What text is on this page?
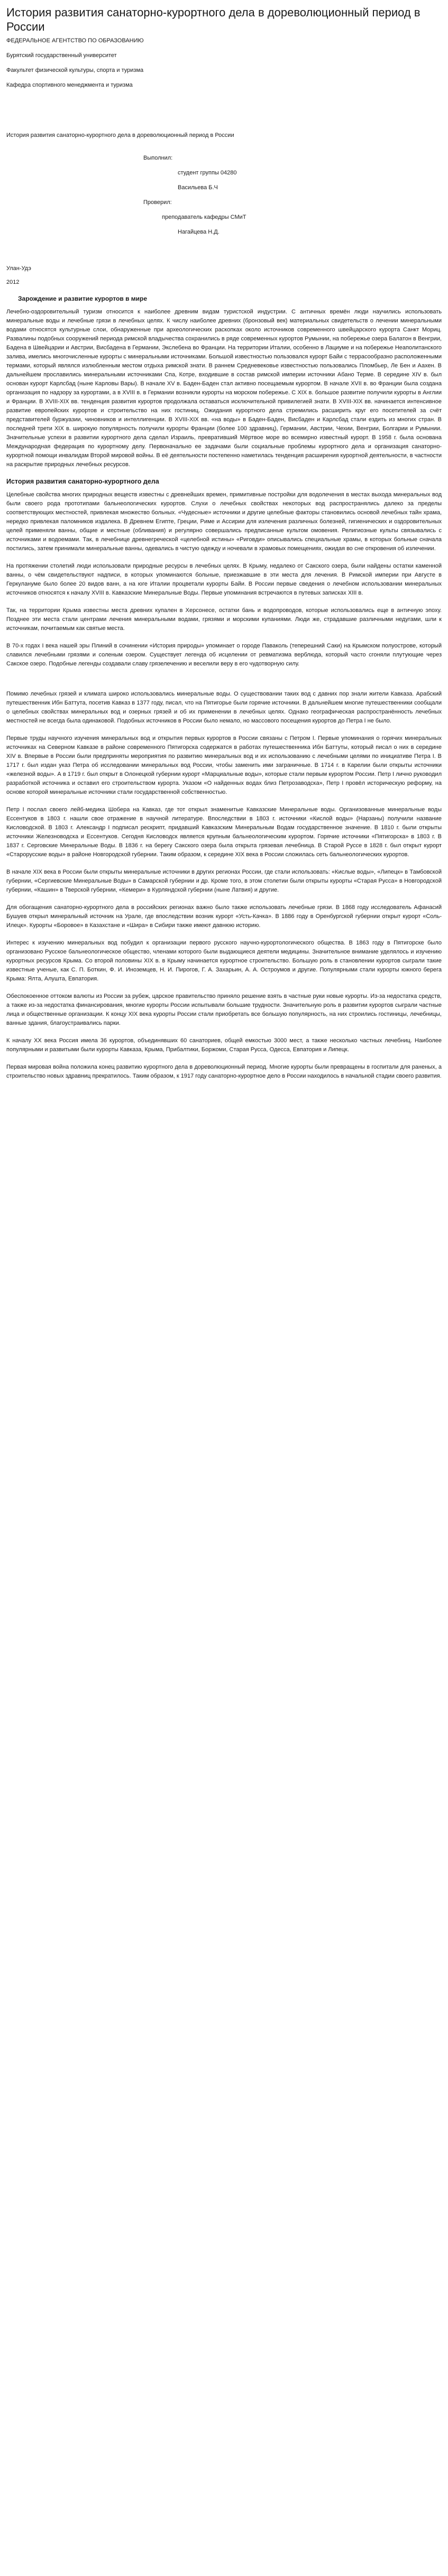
История развития санаторно-курортного дела в дореволюционный период в России
ФЕДЕРАЛЬНОЕ АГЕНТСТВО ПО ОБРАЗОВАНИЮ
Бурятский государственный университет
Факультет физической культуры, спорта и туризма
Кафедра спортивного менеджмента и туризма
История развития санаторно-курортного дела в дореволюционный период в России
Выполнил:
студент группы 04280
Васильева Б.Ч
Проверил:
преподаватель кафедры СМиТ
Нагайцева Н.Д.
Улан-Удэ
2012
Зарождение и развитие курортов в мире

Лечебно-оздоровительный туризм относится к наиболее древним видам туристской индустрии. С античных времён люди научились использовать минеральные воды и лечебные грязи в лечебных целях. К числу наиболее древних (бронзовый век) материальных свидетельств о лечении минеральными водами относятся культурные слои, обнаруженные при археологических раскопках около источников современного швейцарского курорта Санкт Мориц. Развалины подобных сооружений периода римской владычества сохранились в ряде современных курортов Румынии, на побережье озера Балатон в Венгрии, Бадена в Швейцарии и Австрии, Висбадена в Германии, Экслебена во Франции. На территории Италии, особенно в Лациуме и на побережье Неаполитанского залива, имелись многочисленные курорты с минеральными источниками. Большой известностью пользовался курорт Байи с террасообразно расположенными термами, который являлся излюбленным местом отдыха римской знати. В раннем Средневековье известностью пользовались Пломбьер, Ле Бен и Аахен. В дальнейшем прославились минеральными источниками Спа, Котре, входившие в состав римской империи источники Абано Терме. В середине XIV в. был основан курорт Карлсбад (ныне Карловы Вары). В начале XV в. Баден-Баден стал активно посещаемым курортом. В начале XVII в. во Франции была создана организация по надзору за курортами, а в XVIII в. в Германии возникли курорты на морском побережье. С XIX в. большое развитие получили курорты в Англии и Франции. В XVIII-XIX вв. тенденция развития курортов продолжала оставаться исключительной привилегией знати. В XVIII-XIX вв. начинается интенсивное развитие европейских курортов и строительство на них гостиниц. Ожидания курортного дела стремились расширить круг его посетителей за счёт представителей буржуазии, чиновников и интеллигенции. В XVIII-XIX вв. «на воды» в Баден-Баден, Висбаден и Карлсбад стали ездить из многих стран. В последней трети XIX в. широкую популярность получили курорты Франции (более 100 здравниц), Германии, Австрии, Чехии, Венгрии, Болгарии и Румынии. Значительные успехи в развитии курортного дела сделал Израиль, превративший Мёртвое море во всемирно известный курорт. В 1958 г. была основана Международная федерация по курортному делу. Первоначально ее задачами были социальные проблемы курортного дела и организация санаторно-курортной помощи инвалидам Второй мировой войны. В её деятельности постепенно наметилась тенденция расширения курортной деятельности, в частности на раскрытие природных лечебных ресурсов.

История развития санаторно-курортного дела

Целебные свойства многих природных веществ известны с древнейших времен, примитивные постройки для водолечения в местах выхода минеральных вод были своего рода прототипами бальнеологических курортов. Слухи о лечебных свойствах некоторых вод распространялись далеко за пределы соответствующих местностей, привлекая множество больных. «Чудесные» источники и другие целебные факторы становились основой лечебных тайн храма, нередко привлекая паломников издалека. В Древнем Египте, Греции, Риме и Ассирии для излечения различных болезней, гигиенических и оздоровительных целей применяли ванны, общие и местные (обливания) и регулярно совершались предписанные культом омовения. Религиозные культы связывались с источниками и водоемами. Так, в лечебнице древнегреческой «целебной истины» «Риговди» описывались специальные храмы, в которых больные сначала постились, затем принимали минеральные ванны, одевались в чистую одежду и ночевали в храмовых помещениях, ожидая во сне откровения об излечении.

На протяжении столетий люди использовали природные ресурсы в лечебных целях. В Крыму, недалеко от Сакского озера, были найдены остатки каменной ванны, о чём свидетельствуют надписи, в которых упоминаются больные, приезжавшие в эти места для лечения. В Римской империи при Августе в Геркулануме было более 20 видов ванн, а на юге Италии процветали курорты Байи. В России первые сведения о лечебном использовании минеральных источников относятся к началу XVIII в. Кавказские Минеральные Воды. Первые упоминания встречаются в путевых записках XIII в.

Так, на территории Крыма известны места древних купален в Херсонесе, остатки бань и водопроводов, которые использовались еще в античную эпоху. Позднее эти места стали центрами лечения минеральными водами, грязями и морскими купаниями. Люди же, страдавшие различными недугами, шли к источникам, почитаемым как святые места.

В 70-х годах I века нашей эры Плиний в сочинении «История природы» упоминает о городе Паваколь (теперешний Саки) на Крымском полуострове, который славился лечебными грязями и соленым озером. Существует легенда об исцелении от ревматизма верблюда, который часто сгоняли плутующие через Сакское озеро. Подобные легенды создавали славу грязелечению и веселили веру в его чудотворную силу.

Помимо лечебных грязей и климата широко использовались минеральные воды. О существовании таких вод с давних пор знали жители Кавказа. Арабский путешественник Ибн Баттута, посетив Кавказ в 1377 году, писал, что на Пятигорье были горячие источники. В дальнейшем многие путешественники сообщали о целебных свойствах минеральных вод и озерных грязей и об их применении в лечебных целях. Однако географическая распространённость лечебных местностей не всегда была одинаковой. Подобных источников в России было немало, но массового посещения курортов до Петра I не было.

Первые труды научного изучения минеральных вод и открытия первых курортов в России связаны с Петром I. Первые упоминания о горячих минеральных источниках на Северном Кавказе в районе современного Пятигорска содержатся в работах путешественника Ибн Баттуты, который писал о них в середине XIV в. Впервые в России были предприняты мероприятия по развитию минеральных вод и их использованию с лечебными целями по инициативе Петра I. В 1717 г. был издан указ Петра об исследовании минеральных вод России, чтобы заменить ими заграничные. В 1714 г. в Карелии были открыты источники «железной воды». А в 1719 г. был открыт в Олонецкой губернии курорт «Марциальные воды», которые стали первым курортом России. Петр I лично руководил разработкой источника и оставил его строительством курорта. Указом «О найденных водах близ Петрозаводска», Петр I провёл историческую реформу, на основе которой минеральные источники стали государственной собственностью.

Петр I послал своего лейб-медика Шоберa на Кавказ, где тот открыл знаменитые Кавказские Минеральные воды. Организованные минеральные воды Ессентуков в 1803 г. нашли свое отражение в научной литературе. Впоследствии в 1803 г. источники «Кислой воды» (Нарзаны) получили название Кисловодской. В 1803 г. Александр I подписал рескрипт, придавший Кавказским Минеральным Водам государственное значение. В 1810 г. были открыты источники Железноводска и Ессентуков. Сегодня Кисловодск является крупным бальнеологическим курортом. Горячие источники «Пятигорска» в 1803 г. В 1837 г. Серговские Минеральные Воды. В 1836 г. на берегу Сакского озера была открыта грязевая лечебница. В Старой Руссе в 1828 г. был открыт курорт «Старорусские воды» в районе Новгородской губернии. Таким образом, к середине XIX века в России сложилась сеть бальнеологических курортов.

В начале XIX века в России были открыты минеральные источники в других регионах России, где стали использовать: «Кислые воды», «Липецк» в Тамбовской губернии, «Сергиевские Минеральные Воды» в Самарской губернии и др. Кроме того, в этом столетии были открыты курорты «Старая Русса» в Новгородской губернии, «Кашин» в Тверской губернии, «Кемери» в Курляндской губернии (ныне Латвия) и другие.

Для обогащения санаторно-курортного дела в российских регионах важно было также использовать лечебные грязи. В 1868 году исследователь Афанасий Бушуев открыл минеральный источник на Урале, где впоследствии возник курорт «Усть-Качка». В 1886 году в Оренбургской губернии открыт курорт «Соль-Илецк». Курорты «Боровое» в Казахстане и «Шира» в Сибири также имеют давнюю историю.

Интерес к изучению минеральных вод побудил к организации первого русского научно-курортологического общества. В 1863 году в Пятигорске было организовано Русское бальнеологическое общество, членами которого были выдающиеся деятели медицины. Значительное внимание уделялось и изучению курортных ресурсов Крыма. Со второй половины XIX в. в Крыму начинается курортное строительство. Большую роль в становлении курортов сыграли такие известные ученые, как С. П. Боткин, Ф. И. Иноземцев, Н. И. Пирогов, Г. А. Захарьин, А. А. Остроумов и другие. Популярными стали курорты южного берега Крыма: Ялта, Алушта, Евпатория.

Обеспокоенное оттоком валюты из России за рубеж, царское правительство приняло решение взять в частные руки новые курорты. Из-за недостатка средств, а также из-за недостатка финансирования, многие курорты России испытывали большие трудности. Значительную роль в развитии курортов сыграли частные лица и общественные организации. К концу XIX века курорты России стали приобретать все большую популярность, на них строились гостиницы, лечебницы, ванные здания, благоустраивались парки.

К началу XX века Россия имела 36 курортов, объединявших 60 санаториев, общей емкостью 3000 мест, а также несколько частных лечебниц. Наиболее популярными и развитыми были курорты Кавказа, Крыма, Прибалтики, Боржоми, Старая Русса, Одесса, Евпатория и Липецк.

Первая мировая война положила конец развитию курортного дела в дореволюционный период. Многие курорты были превращены в госпитали для раненых, а строительство новых здравниц прекратилось. Таким образом, к 1917 году санаторно-курортное дело в России находилось в начальной стадии своего развития.
